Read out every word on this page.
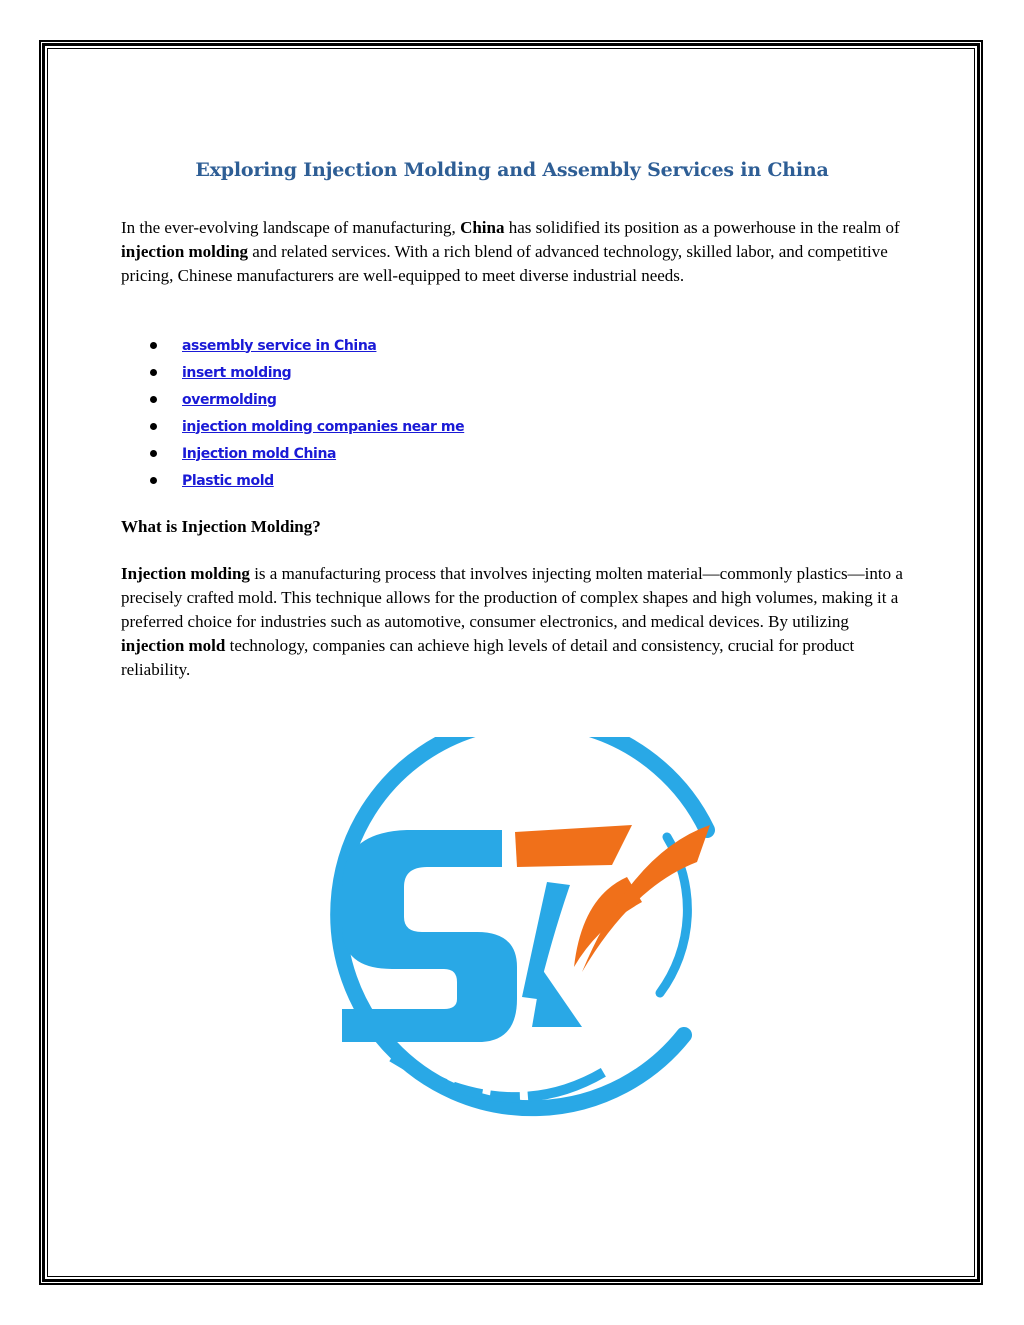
Exploring Injection Molding and Assembly Services in China

In the ever-evolving landscape of manufacturing, China has solidified its position as a powerhouse in the realm of injection molding and related services. With a rich blend of advanced technology, skilled labor, and competitive pricing, Chinese manufacturers are well-equipped to meet diverse industrial needs.

assembly service in China
insert molding
overmolding
injection molding companies near me
Injection mold China
Plastic mold
What is Injection Molding?

Injection molding is a manufacturing process that involves injecting molten material—commonly plastics—into a precisely crafted mold. This technique allows for the production of complex shapes and high volumes, making it a preferred choice for industries such as automotive, consumer electronics, and medical devices. By utilizing injection mold technology, companies can achieve high levels of detail and consistency, crucial for product reliability.
